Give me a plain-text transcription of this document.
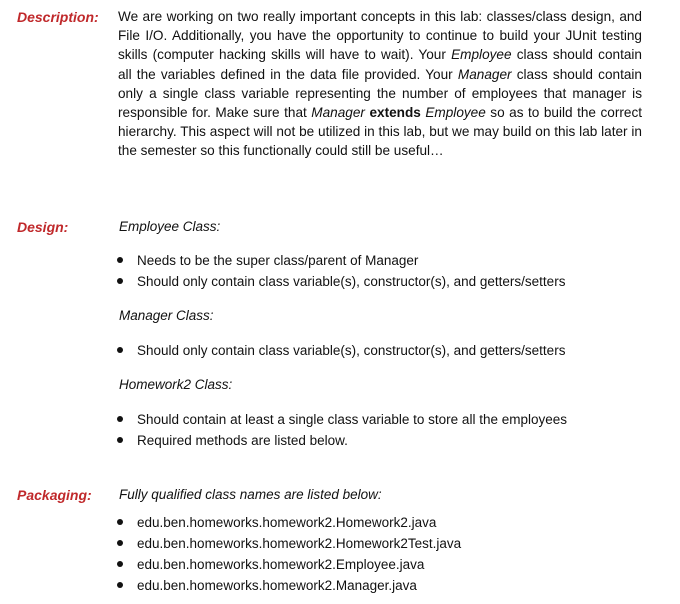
Description: We are working on two really important concepts in this lab: classes/class design, and File I/O. Additionally, you have the opportunity to continue to build your JUnit testing skills (computer hacking skills will have to wait). Your Employee class should contain all the variables defined in the data file provided. Your Manager class should contain only a single class variable representing the number of employees that manager is responsible for. Make sure that Manager extends Employee so as to build the correct hierarchy. This aspect will not be utilized in this lab, but we may build on this lab later in the semester so this functionally could still be useful…

Design:	Employee Class:

Needs to be the super class/parent of Manager
Should only contain class variable(s), constructor(s), and getters/setters

Manager Class:

Should only contain class variable(s), constructor(s), and getters/setters

Homework2 Class:

Should contain at least a single class variable to store all the employees
Required methods are listed below.

Packaging: Fully qualified class names are listed below:

edu.ben.homeworks.homework2.Homework2.java
edu.ben.homeworks.homework2.Homework2Test.java
edu.ben.homeworks.homework2.Employee.java
edu.ben.homeworks.homework2.Manager.java
